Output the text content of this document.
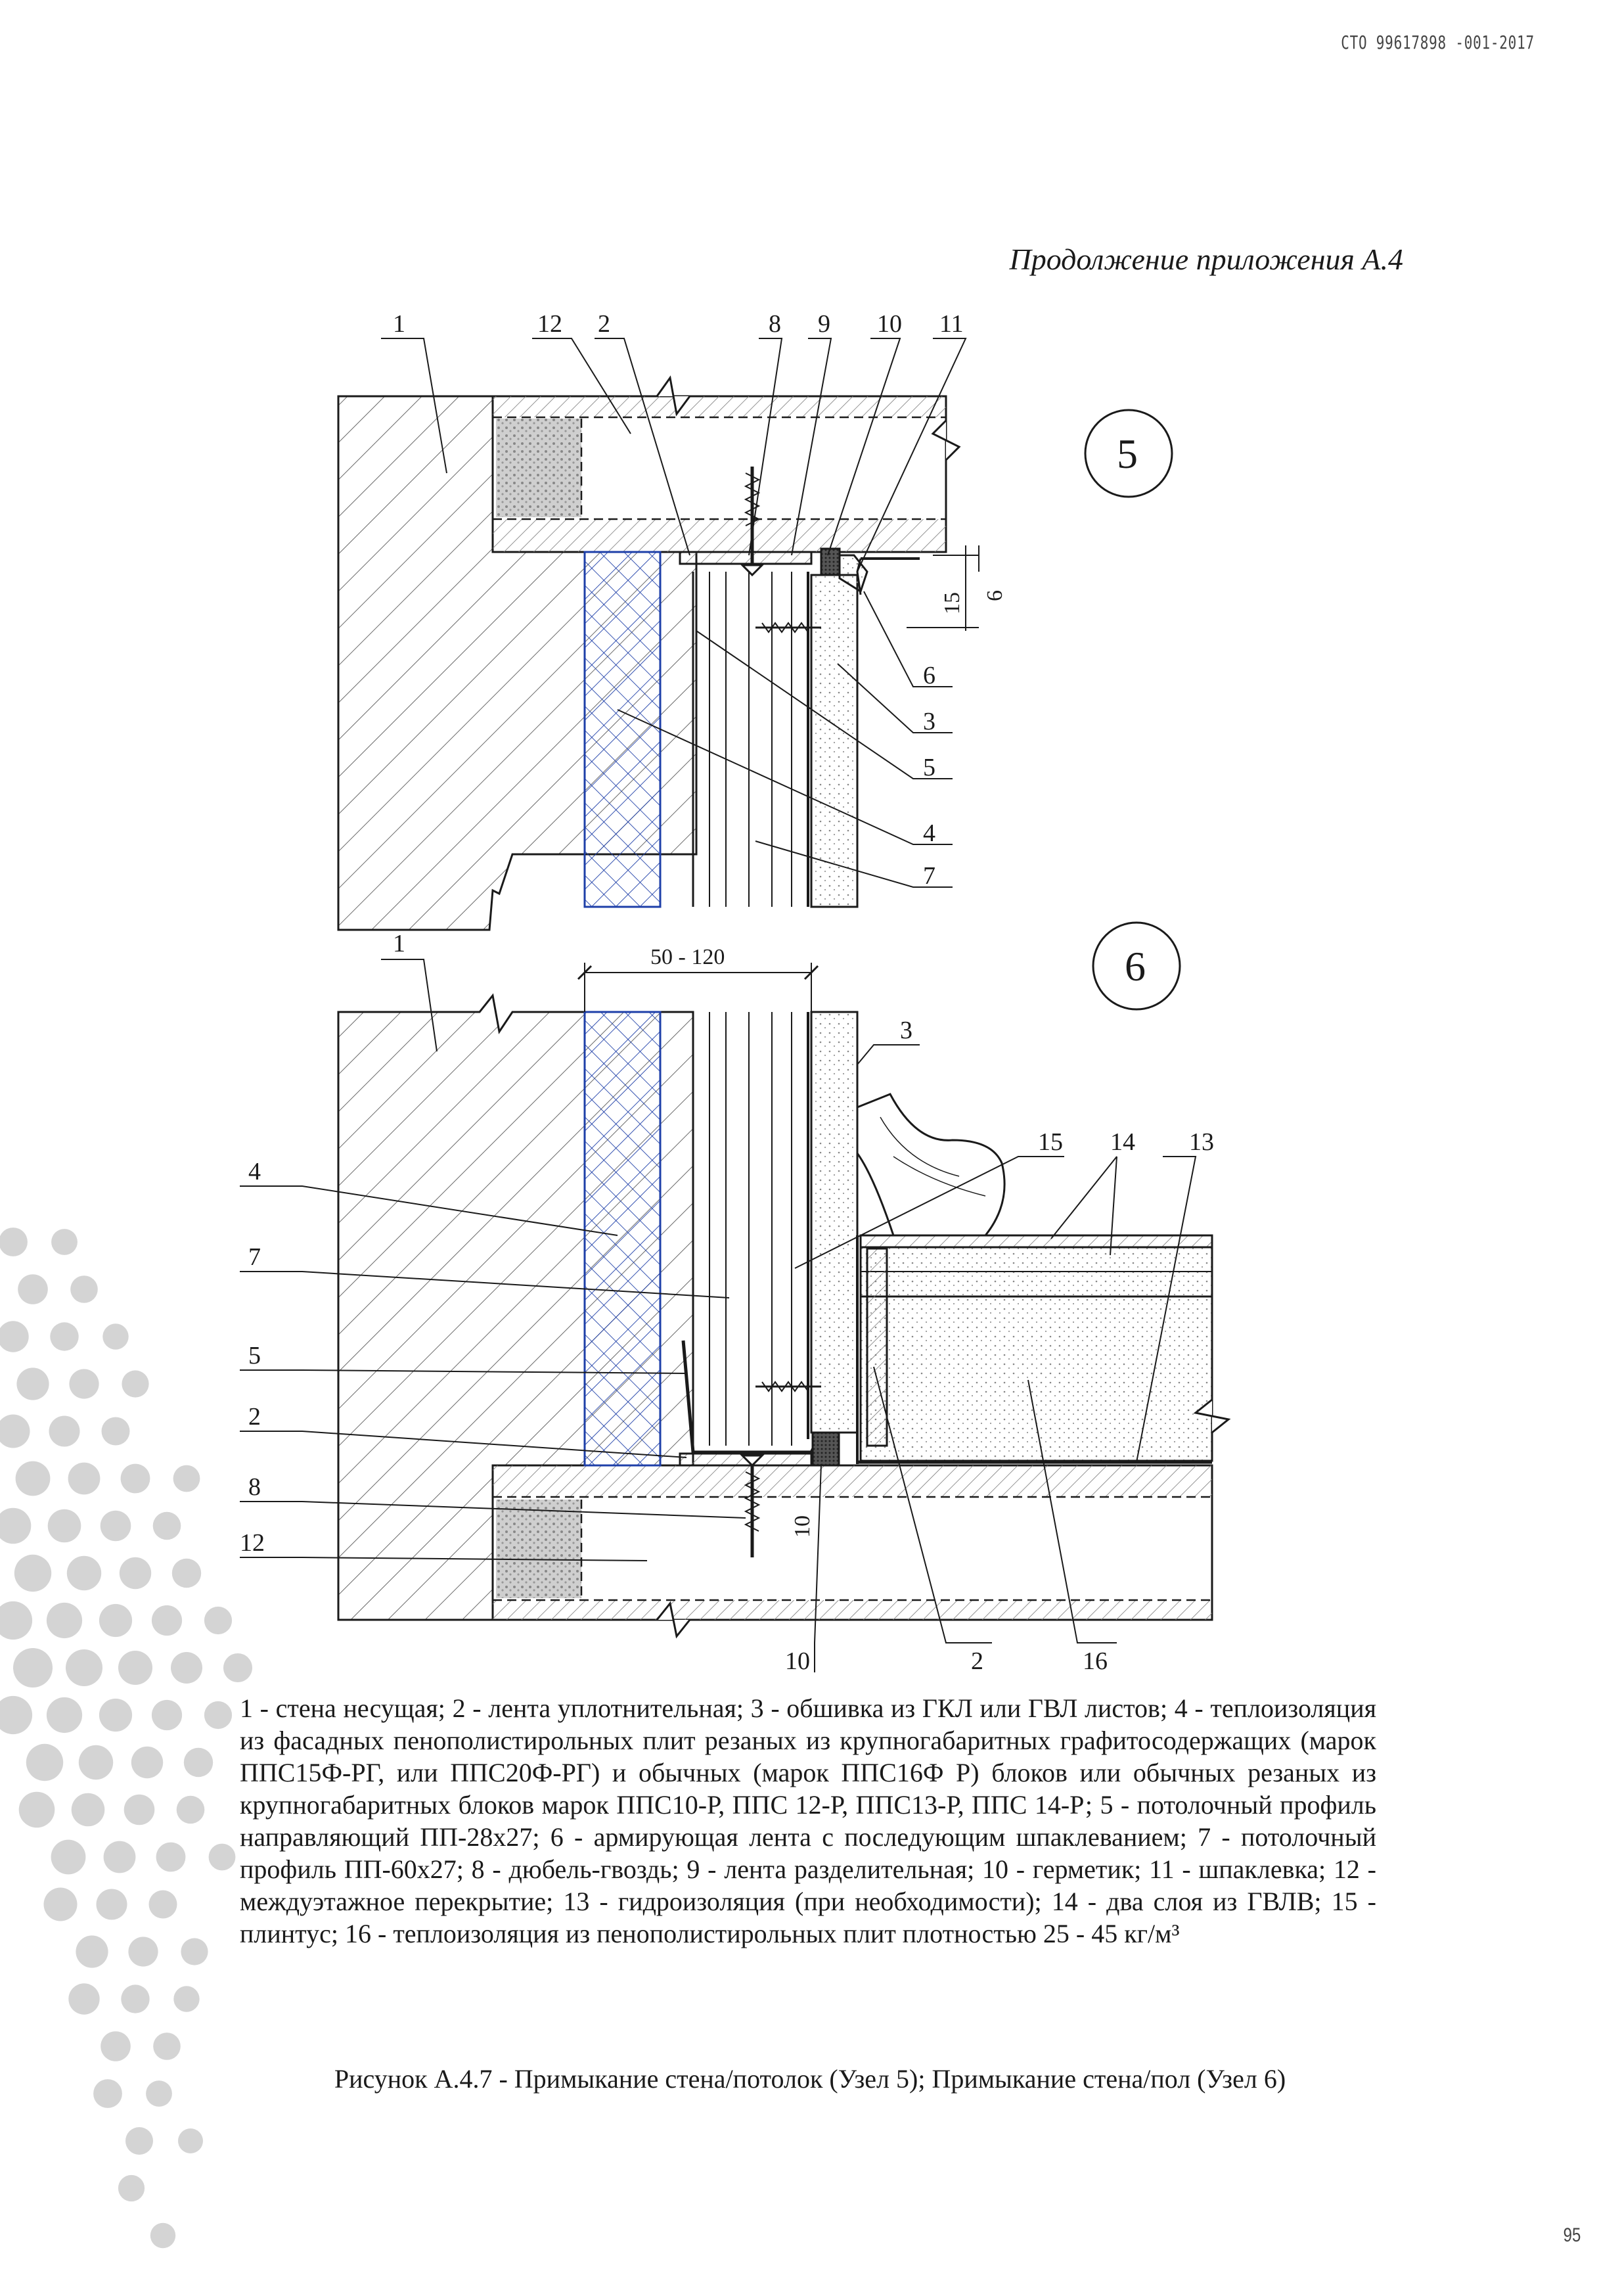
СТО 99617898 -001-2017
Продолжение приложения А.4
1	12 2	8 9 10 11
6
3
5
4
7
5
15 6
1
3
15 14 13
4
7
5
2
8
12
10	2	16
6
50 - 120
10
1 - стена несущая; 2 - лента уплотнительная; 3 - обшивка из ГКЛ или ГВЛ листов; 4 - теплоизоляция из фасадных пенополистирольных плит резаных из крупногабаритных графитосодержащих (марок ППС15Ф-РГ, или ППС20Ф-РГ) и обычных (марок ППС16Ф Р) блоков или обычных резаных из крупногабаритных блоков марок ППС10-Р, ППС 12-Р, ППС13-Р, ППС 14-Р; 5 - потолочный профиль направляющий ПП-28х27; 6 - армирующая лента с последующим шпаклеванием; 7 - потолочный профиль ПП-60х27; 8 - дюбель-гвоздь; 9 - лента разделительная; 10 - герметик; 11 - шпаклевка; 12 - междуэтажное перекрытие; 13 - гидроизоляция (при необходимости); 14 - два слоя из ГВЛВ; 15 - плинтус; 16 - теплоизоляция из пенополистирольных плит плотностью 25 - 45 кг/м³
Рисунок А.4.7 - Примыкание стена/потолок (Узел 5); Примыкание стена/пол (Узел 6)
95
